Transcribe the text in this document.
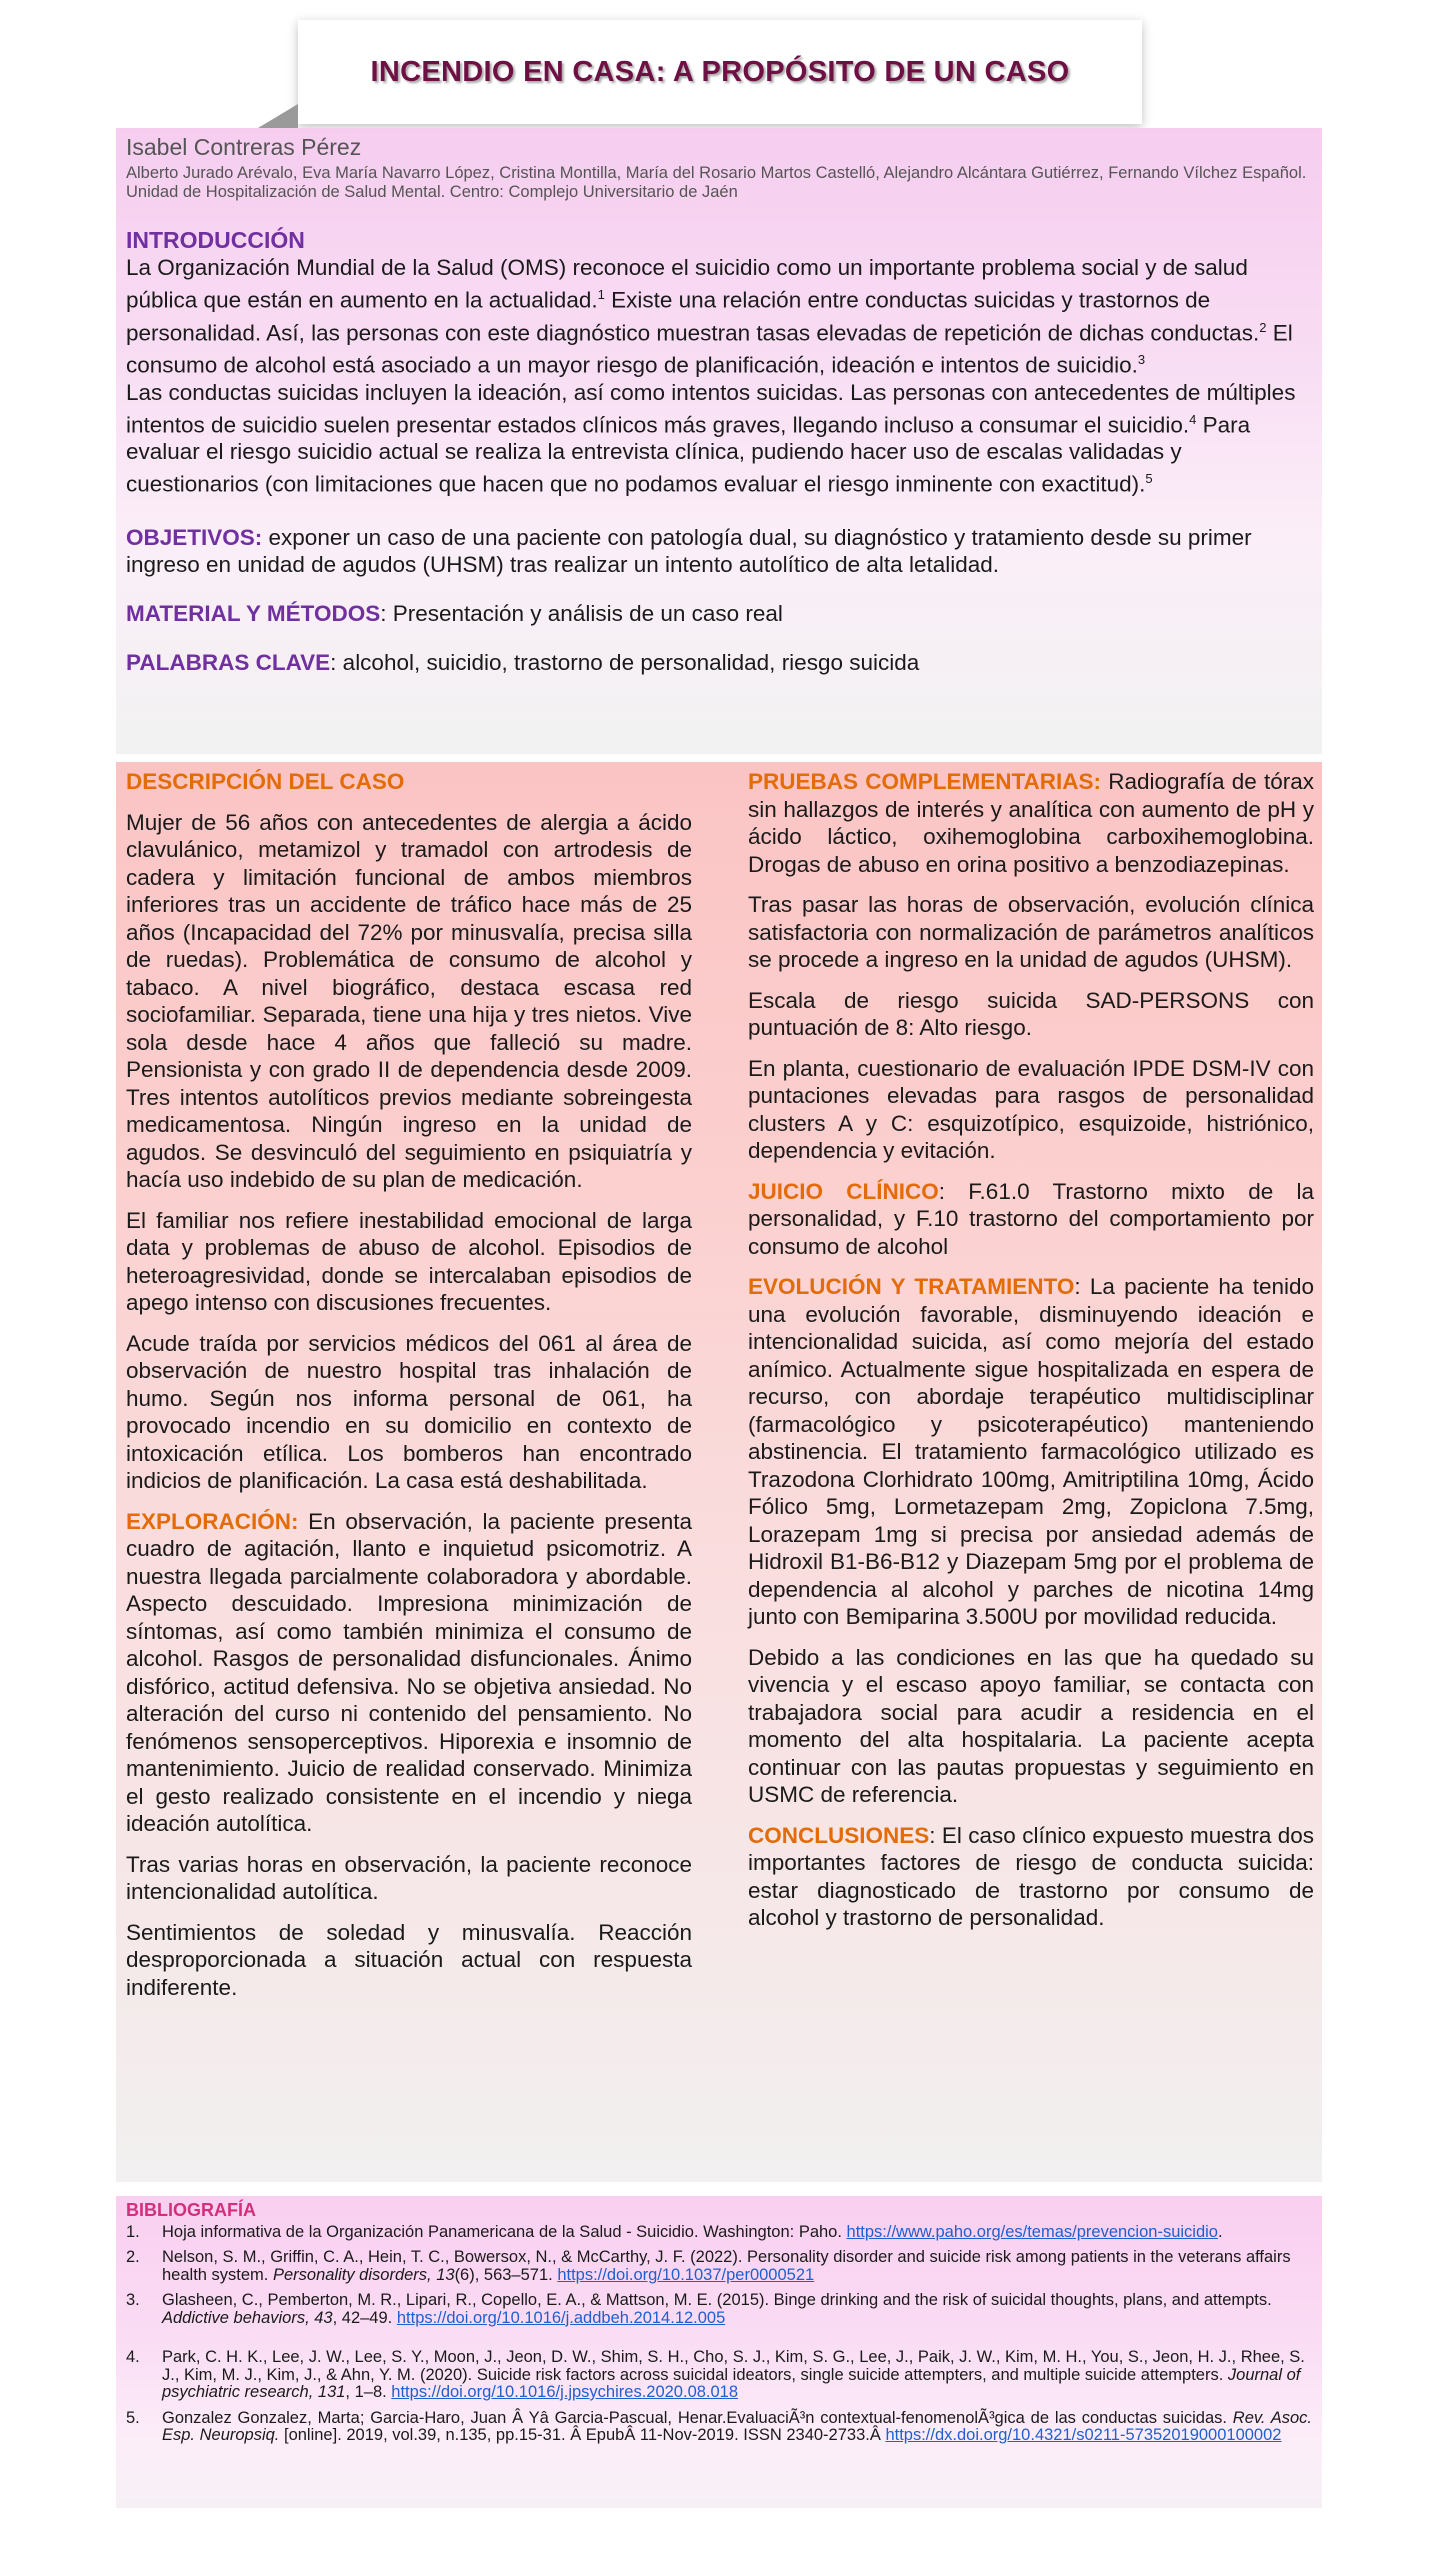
INCENDIO EN CASA: A PROPÓSITO DE UN CASO
Isabel Contreras Pérez
Alberto Jurado Arévalo, Eva María Navarro López, Cristina Montilla, María del Rosario Martos Castelló, Alejandro Alcántara Gutiérrez, Fernando Vílchez Español. Unidad de Hospitalización de Salud Mental. Centro: Complejo Universitario de Jaén
INTRODUCCIÓN
La Organización Mundial de la Salud (OMS) reconoce el suicidio como un importante problema social y de salud pública que están en aumento en la actualidad.$^1$ Existe una relación entre conductas suicidas y trastornos de personalidad. Así, las personas con este diagnóstico muestran tasas elevadas de repetición de dichas conductas.$^2$ El consumo de alcohol está asociado a un mayor riesgo de planificación, ideación e intentos de suicidio.$^3$
Las conductas suicidas incluyen la ideación, así como intentos suicidas. Las personas con antecedentes de múltiples intentos de suicidio suelen presentar estados clínicos más graves, llegando incluso a consumar el suicidio.$^4$ Para evaluar el riesgo suicidio actual se realiza la entrevista clínica, pudiendo hacer uso de escalas validadas y cuestionarios (con limitaciones que hacen que no podamos evaluar el riesgo inminente con exactitud).$^5$
OBJETIVOS: exponer un caso de una paciente con patología dual, su diagnóstico y tratamiento desde su primer ingreso en unidad de agudos (UHSM) tras realizar un intento autolítico de alta letalidad.
MATERIAL Y MÉTODOS: Presentación y análisis de un caso real
PALABRAS CLAVE: alcohol, suicidio, trastorno de personalidad, riesgo suicida

DESCRIPCIÓN DEL CASO

Mujer de 56 años con antecedentes de alergia a ácido clavulánico, metamizol y tramadol con artrodesis de cadera y limitación funcional de ambos miembros inferiores tras un accidente de tráfico hace más de 25 años (Incapacidad del 72% por minusvalía, precisa silla de ruedas). Problemática de consumo de alcohol y tabaco. A nivel biográfico, destaca escasa red sociofamiliar. Separada, tiene una hija y tres nietos. Vive sola desde hace 4 años que falleció su madre. Pensionista y con grado II de dependencia desde 2009. Tres intentos autolíticos previos mediante sobreingesta medicamentosa. Ningún ingreso en la unidad de agudos. Se desvinculó del seguimiento en psiquiatría y hacía uso indebido de su plan de medicación.

El familiar nos refiere inestabilidad emocional de larga data y problemas de abuso de alcohol. Episodios de heteroagresividad, donde se intercalaban episodios de apego intenso con discusiones frecuentes.

Acude traída por servicios médicos del 061 al área de observación de nuestro hospital tras inhalación de humo. Según nos informa personal de 061, ha provocado incendio en su domicilio en contexto de intoxicación etílica. Los bomberos han encontrado indicios de planificación. La casa está deshabilitada.

EXPLORACIÓN: En observación, la paciente presenta cuadro de agitación, llanto e inquietud psicomotriz. A nuestra llegada parcialmente colaboradora y abordable. Aspecto descuidado. Impresiona minimización de síntomas, así como también minimiza el consumo de alcohol. Rasgos de personalidad disfuncionales. Ánimo disfórico, actitud defensiva. No se objetiva ansiedad. No alteración del curso ni contenido del pensamiento. No fenómenos sensoperceptivos. Hiporexia e insomnio de mantenimiento. Juicio de realidad conservado. Minimiza el gesto realizado consistente en el incendio y niega ideación autolítica.

Tras varias horas en observación, la paciente reconoce intencionalidad autolítica.

Sentimientos de soledad y minusvalía. Reacción desproporcionada a situación actual con respuesta indiferente.

PRUEBAS COMPLEMENTARIAS: Radiografía de tórax sin hallazgos de interés y analítica con aumento de pH y ácido láctico, oxihemoglobina carboxihemoglobina. Drogas de abuso en orina positivo a benzodiazepinas.

Tras pasar las horas de observación, evolución clínica satisfactoria con normalización de parámetros analíticos se procede a ingreso en la unidad de agudos (UHSM).

Escala de riesgo suicida SAD-PERSONS con puntuación de 8: Alto riesgo.

En planta, cuestionario de evaluación IPDE DSM-IV con puntaciones elevadas para rasgos de personalidad clusters A y C: esquizotípico, esquizoide, histriónico, dependencia y evitación.

JUICIO CLÍNICO: F.61.0 Trastorno mixto de la personalidad, y F.10 trastorno del comportamiento por consumo de alcohol

EVOLUCIÓN Y TRATAMIENTO: La paciente ha tenido una evolución favorable, disminuyendo ideación e intencionalidad suicida, así como mejoría del estado anímico. Actualmente sigue hospitalizada en espera de recurso, con abordaje terapéutico multidisciplinar (farmacológico y psicoterapéutico) manteniendo abstinencia. El tratamiento farmacológico utilizado es Trazodona Clorhidrato 100mg, Amitriptilina 10mg, Ácido Fólico 5mg, Lormetazepam 2mg, Zopiclona 7.5mg, Lorazepam 1mg si precisa por ansiedad además de Hidroxil B1-B6-B12 y Diazepam 5mg por el problema de dependencia al alcohol y parches de nicotina 14mg junto con Bemiparina 3.500U por movilidad reducida.

Debido a las condiciones en las que ha quedado su vivencia y el escaso apoyo familiar, se contacta con trabajadora social para acudir a residencia en el momento del alta hospitalaria. La paciente acepta continuar con las pautas propuestas y seguimiento en USMC de referencia.

CONCLUSIONES: El caso clínico expuesto muestra dos importantes factores de riesgo de conducta suicida: estar diagnosticado de trastorno por consumo de alcohol y trastorno de personalidad.

BIBLIOGRAFÍA
1.	Hoja informativa de la Organización Panamericana de la Salud - Suicidio. Washington: Paho. https://www.paho.org/es/temas/prevencion-suicidio.
2.	Nelson, S. M., Griffin, C. A., Hein, T. C., Bowersox, N., & McCarthy, J. F. (2022). Personality disorder and suicide risk among patients in the veterans affairs health system. Personality disorders, 13(6), 563–571. https://doi.org/10.1037/per0000521
3.	Glasheen, C., Pemberton, M. R., Lipari, R., Copello, E. A., & Mattson, M. E. (2015). Binge drinking and the risk of suicidal thoughts, plans, and attempts. Addictive behaviors, 43, 42–49. https://doi.org/10.1016/j.addbeh.2014.12.005
4.	Park, C. H. K., Lee, J. W., Lee, S. Y., Moon, J., Jeon, D. W., Shim, S. H., Cho, S. J., Kim, S. G., Lee, J., Paik, J. W., Kim, M. H., You, S., Jeon, H. J., Rhee, S. J., Kim, M. J., Kim, J., & Ahn, Y. M. (2020). Suicide risk factors across suicidal ideators, single suicide attempters, and multiple suicide attempters. Journal of psychiatric research, 131, 1–8. https://doi.org/10.1016/j.jpsychires.2020.08.018
5.	Gonzalez Gonzalez, Marta; Garcia-Haro, Juan Â Yâ Garcia-Pascual, Henar.EvaluaciÃ³n contextual-fenomenolÃ³gica de las conductas suicidas. Rev. Asoc. Esp. Neuropsiq. [online]. 2019, vol.39, n.135, pp.15-31. Â EpubÂ 11-Nov-2019. ISSN 2340-2733.Â https://dx.doi.org/10.4321/s0211-57352019000100002
